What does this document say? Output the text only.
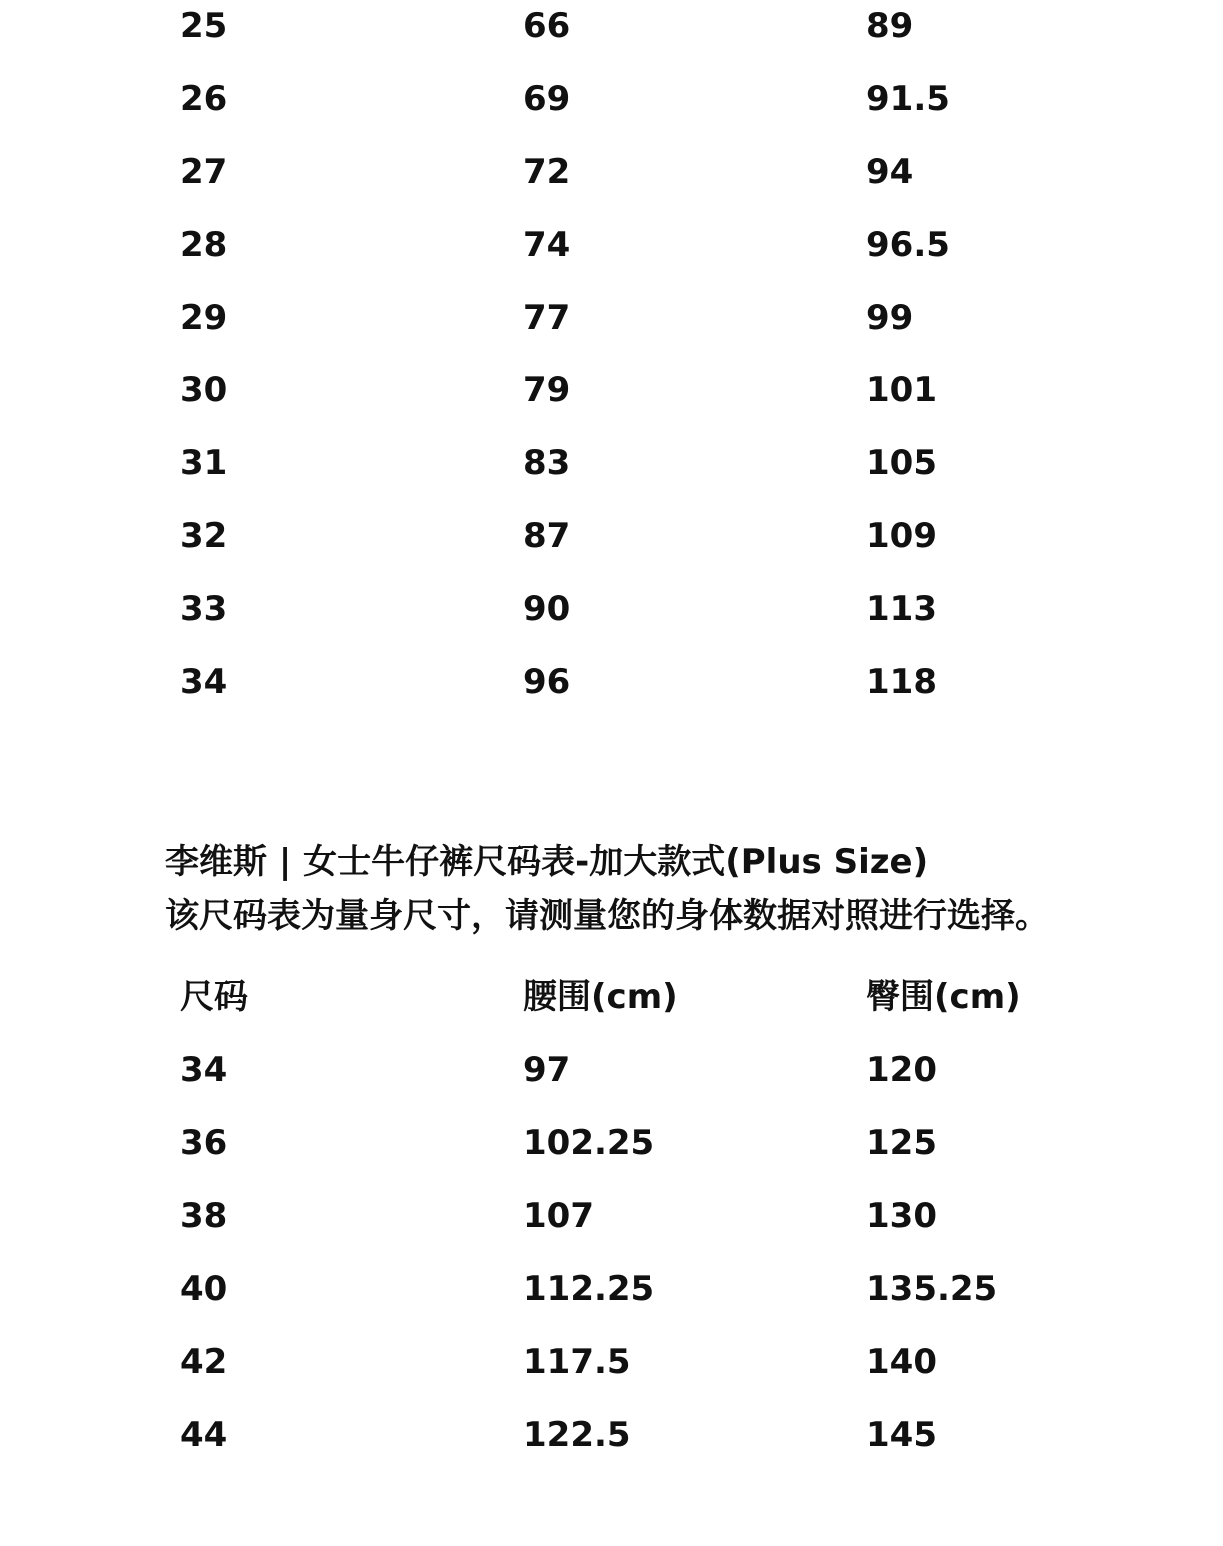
25	66	89
26	69	91.5
27	72	94
28	74	96.5
29	77	99
30	79	101
31	83	105
32	87	109
33	90	113
34	96	118
李维斯 | 女士牛仔裤尺码表-加大款式(Plus Size)
该尺码表为量身尺寸，请测量您的身体数据对照进行选择。
尺码	腰围(cm)	臀围(cm)
34	97	120
36	102.25	125
38	107	130
40	112.25	135.25
42	117.5	140
44	122.5	145
